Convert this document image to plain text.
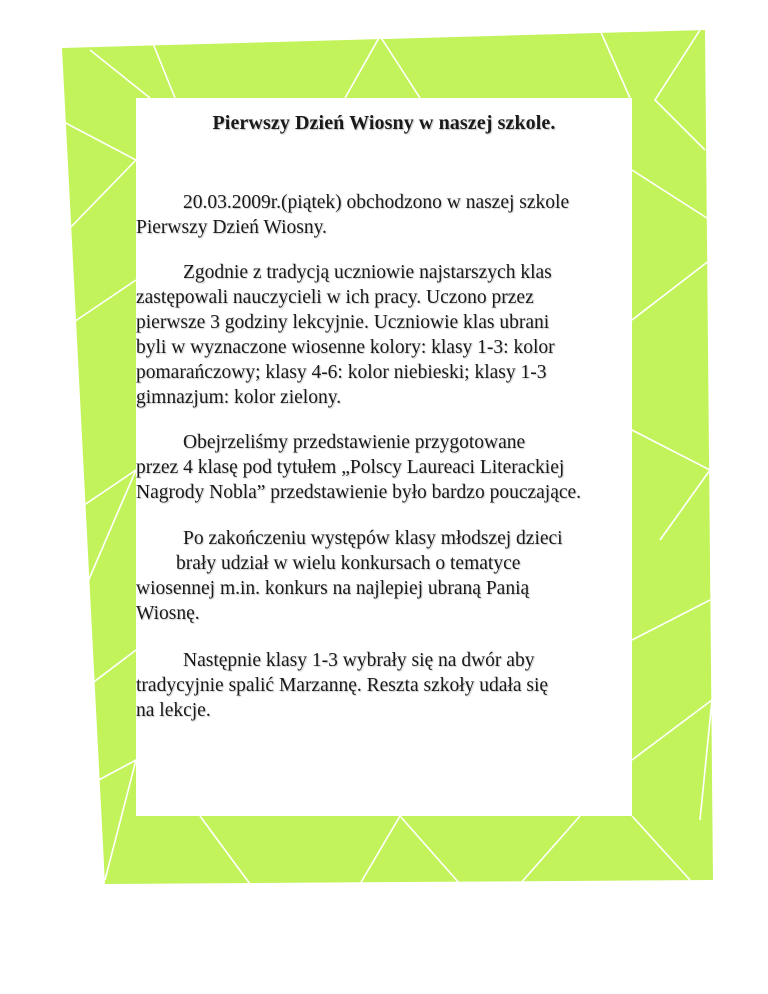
Pierwszy Dzień Wiosny w naszej szkole.

20.03.2009r.(piątek) obchodzono w naszej szkole
Pierwszy Dzień Wiosny.

Zgodnie z tradycją uczniowie najstarszych klas
zastępowali nauczycieli w ich pracy. Uczono przez
pierwsze 3 godziny lekcyjnie. Uczniowie klas ubrani
byli w wyznaczone wiosenne kolory: klasy 1-3: kolor
pomarańczowy; klasy 4-6: kolor niebieski; klasy 1-3
gimnazjum: kolor zielony.

Obejrzeliśmy przedstawienie przygotowane
przez 4 klasę pod tytułem „Polscy Laureaci Literackiej
Nagrody Nobla” przedstawienie było bardzo pouczające.

Po zakończeniu występów klasy młodszej dzieci
brały udział w wielu konkursach o tematyce
wiosennej m.in. konkurs na najlepiej ubraną Panią
Wiosnę.

Następnie klasy 1-3 wybrały się na dwór aby
tradycyjnie spalić Marzannę. Reszta szkoły udała się
na lekcje.
